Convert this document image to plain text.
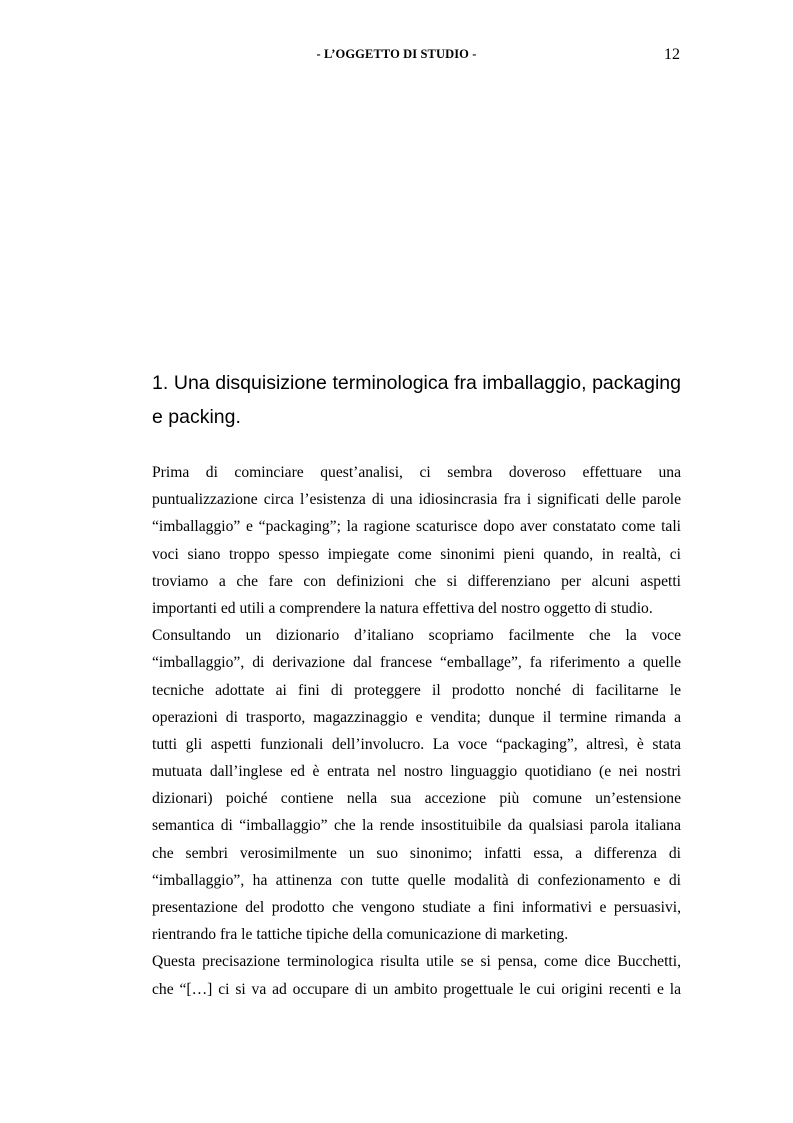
- L’OGGETTO DI STUDIO -	12
1. Una disquisizione terminologica fra imballaggio, packaging e packing.
Prima di cominciare quest’analisi, ci sembra doveroso effettuare una
puntualizzazione circa l’esistenza di una idiosincrasia fra i significati delle parole
“imballaggio” e “packaging”; la ragione scaturisce dopo aver constatato come tali
voci siano troppo spesso impiegate come sinonimi pieni quando, in realtà, ci
troviamo a che fare con definizioni che si differenziano per alcuni aspetti
importanti ed utili a comprendere la natura effettiva del nostro oggetto di studio.
Consultando un dizionario d’italiano scopriamo facilmente che la voce
“imballaggio”, di derivazione dal francese “emballage”, fa riferimento a quelle
tecniche adottate ai fini di proteggere il prodotto nonché di facilitarne le
operazioni di trasporto, magazzinaggio e vendita; dunque il termine rimanda a
tutti gli aspetti funzionali dell’involucro. La voce “packaging”, altresì, è stata
mutuata dall’inglese ed è entrata nel nostro linguaggio quotidiano (e nei nostri
dizionari) poiché contiene nella sua accezione più comune un’estensione
semantica di “imballaggio” che la rende insostituibile da qualsiasi parola italiana
che sembri verosimilmente un suo sinonimo; infatti essa, a differenza di
“imballaggio”, ha attinenza con tutte quelle modalità di confezionamento e di
presentazione del prodotto che vengono studiate a fini informativi e persuasivi,
rientrando fra le tattiche tipiche della comunicazione di marketing.
Questa precisazione terminologica risulta utile se si pensa, come dice Bucchetti,
che “[…] ci si va ad occupare di un ambito progettuale le cui origini recenti e la
